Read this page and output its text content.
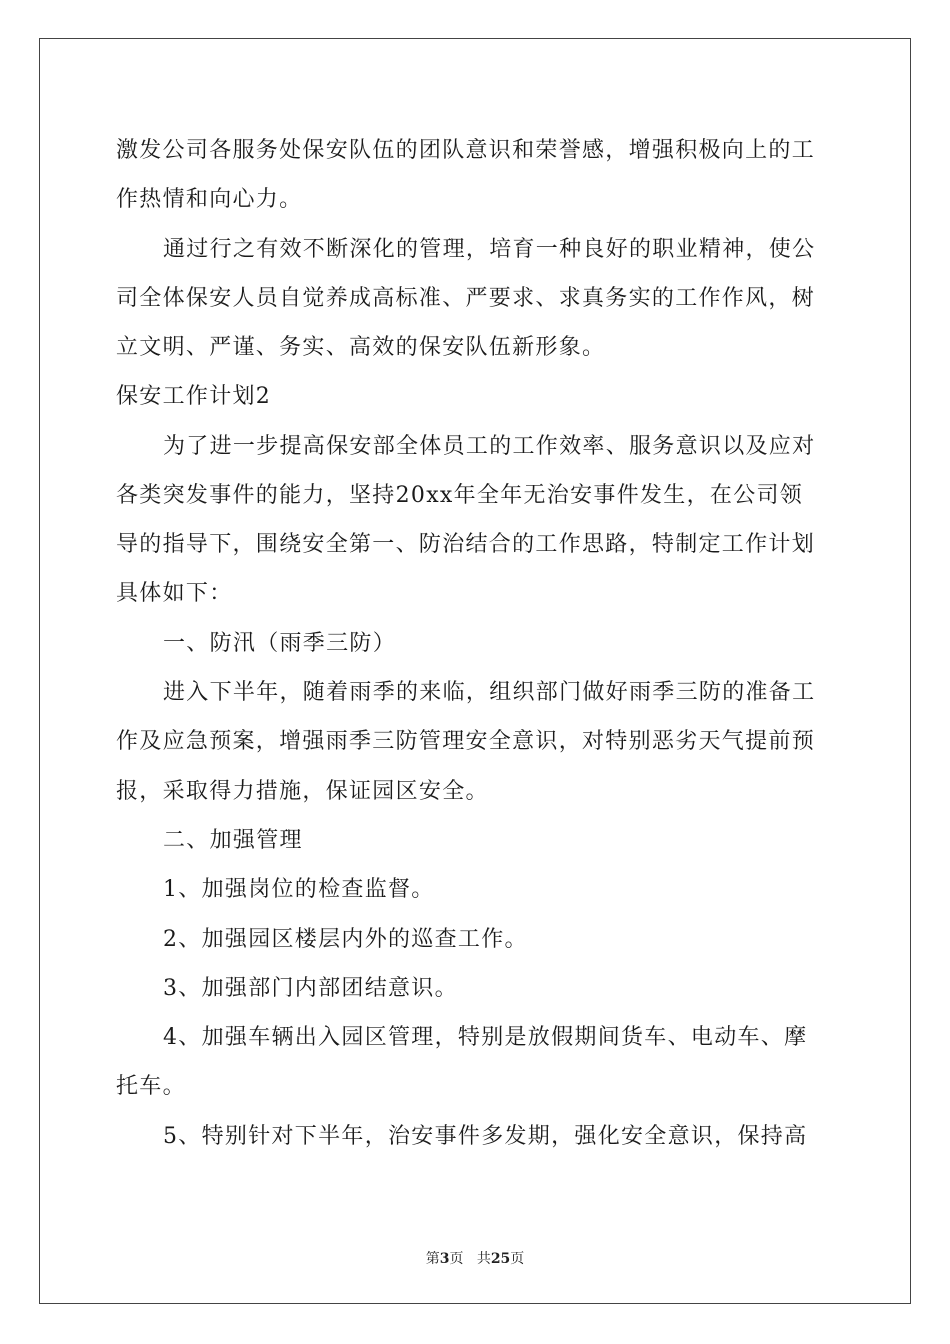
激发公司各服务处保安队伍的团队意识和荣誉感，增强积极向上的工

作热情和向心力。

通过行之有效不断深化的管理，培育一种良好的职业精神，使公

司全体保安人员自觉养成高标准、严要求、求真务实的工作作风，树

立文明、严谨、务实、高效的保安队伍新形象。

保安工作计划2

为了进一步提高保安部全体员工的工作效率、服务意识以及应对

各类突发事件的能力，坚持20xx年全年无治安事件发生，在公司领

导的指导下，围绕安全第一、防治结合的工作思路，特制定工作计划

具体如下：

一、防汛（雨季三防）

进入下半年，随着雨季的来临，组织部门做好雨季三防的准备工

作及应急预案，增强雨季三防管理安全意识，对特别恶劣天气提前预

报，采取得力措施，保证园区安全。

二、加强管理

1、加强岗位的检查监督。

2、加强园区楼层内外的巡查工作。

3、加强部门内部团结意识。

4、加强车辆出入园区管理，特别是放假期间货车、电动车、摩

托车。

5、特别针对下半年，治安事件多发期，强化安全意识，保持高

第3页 共25页
